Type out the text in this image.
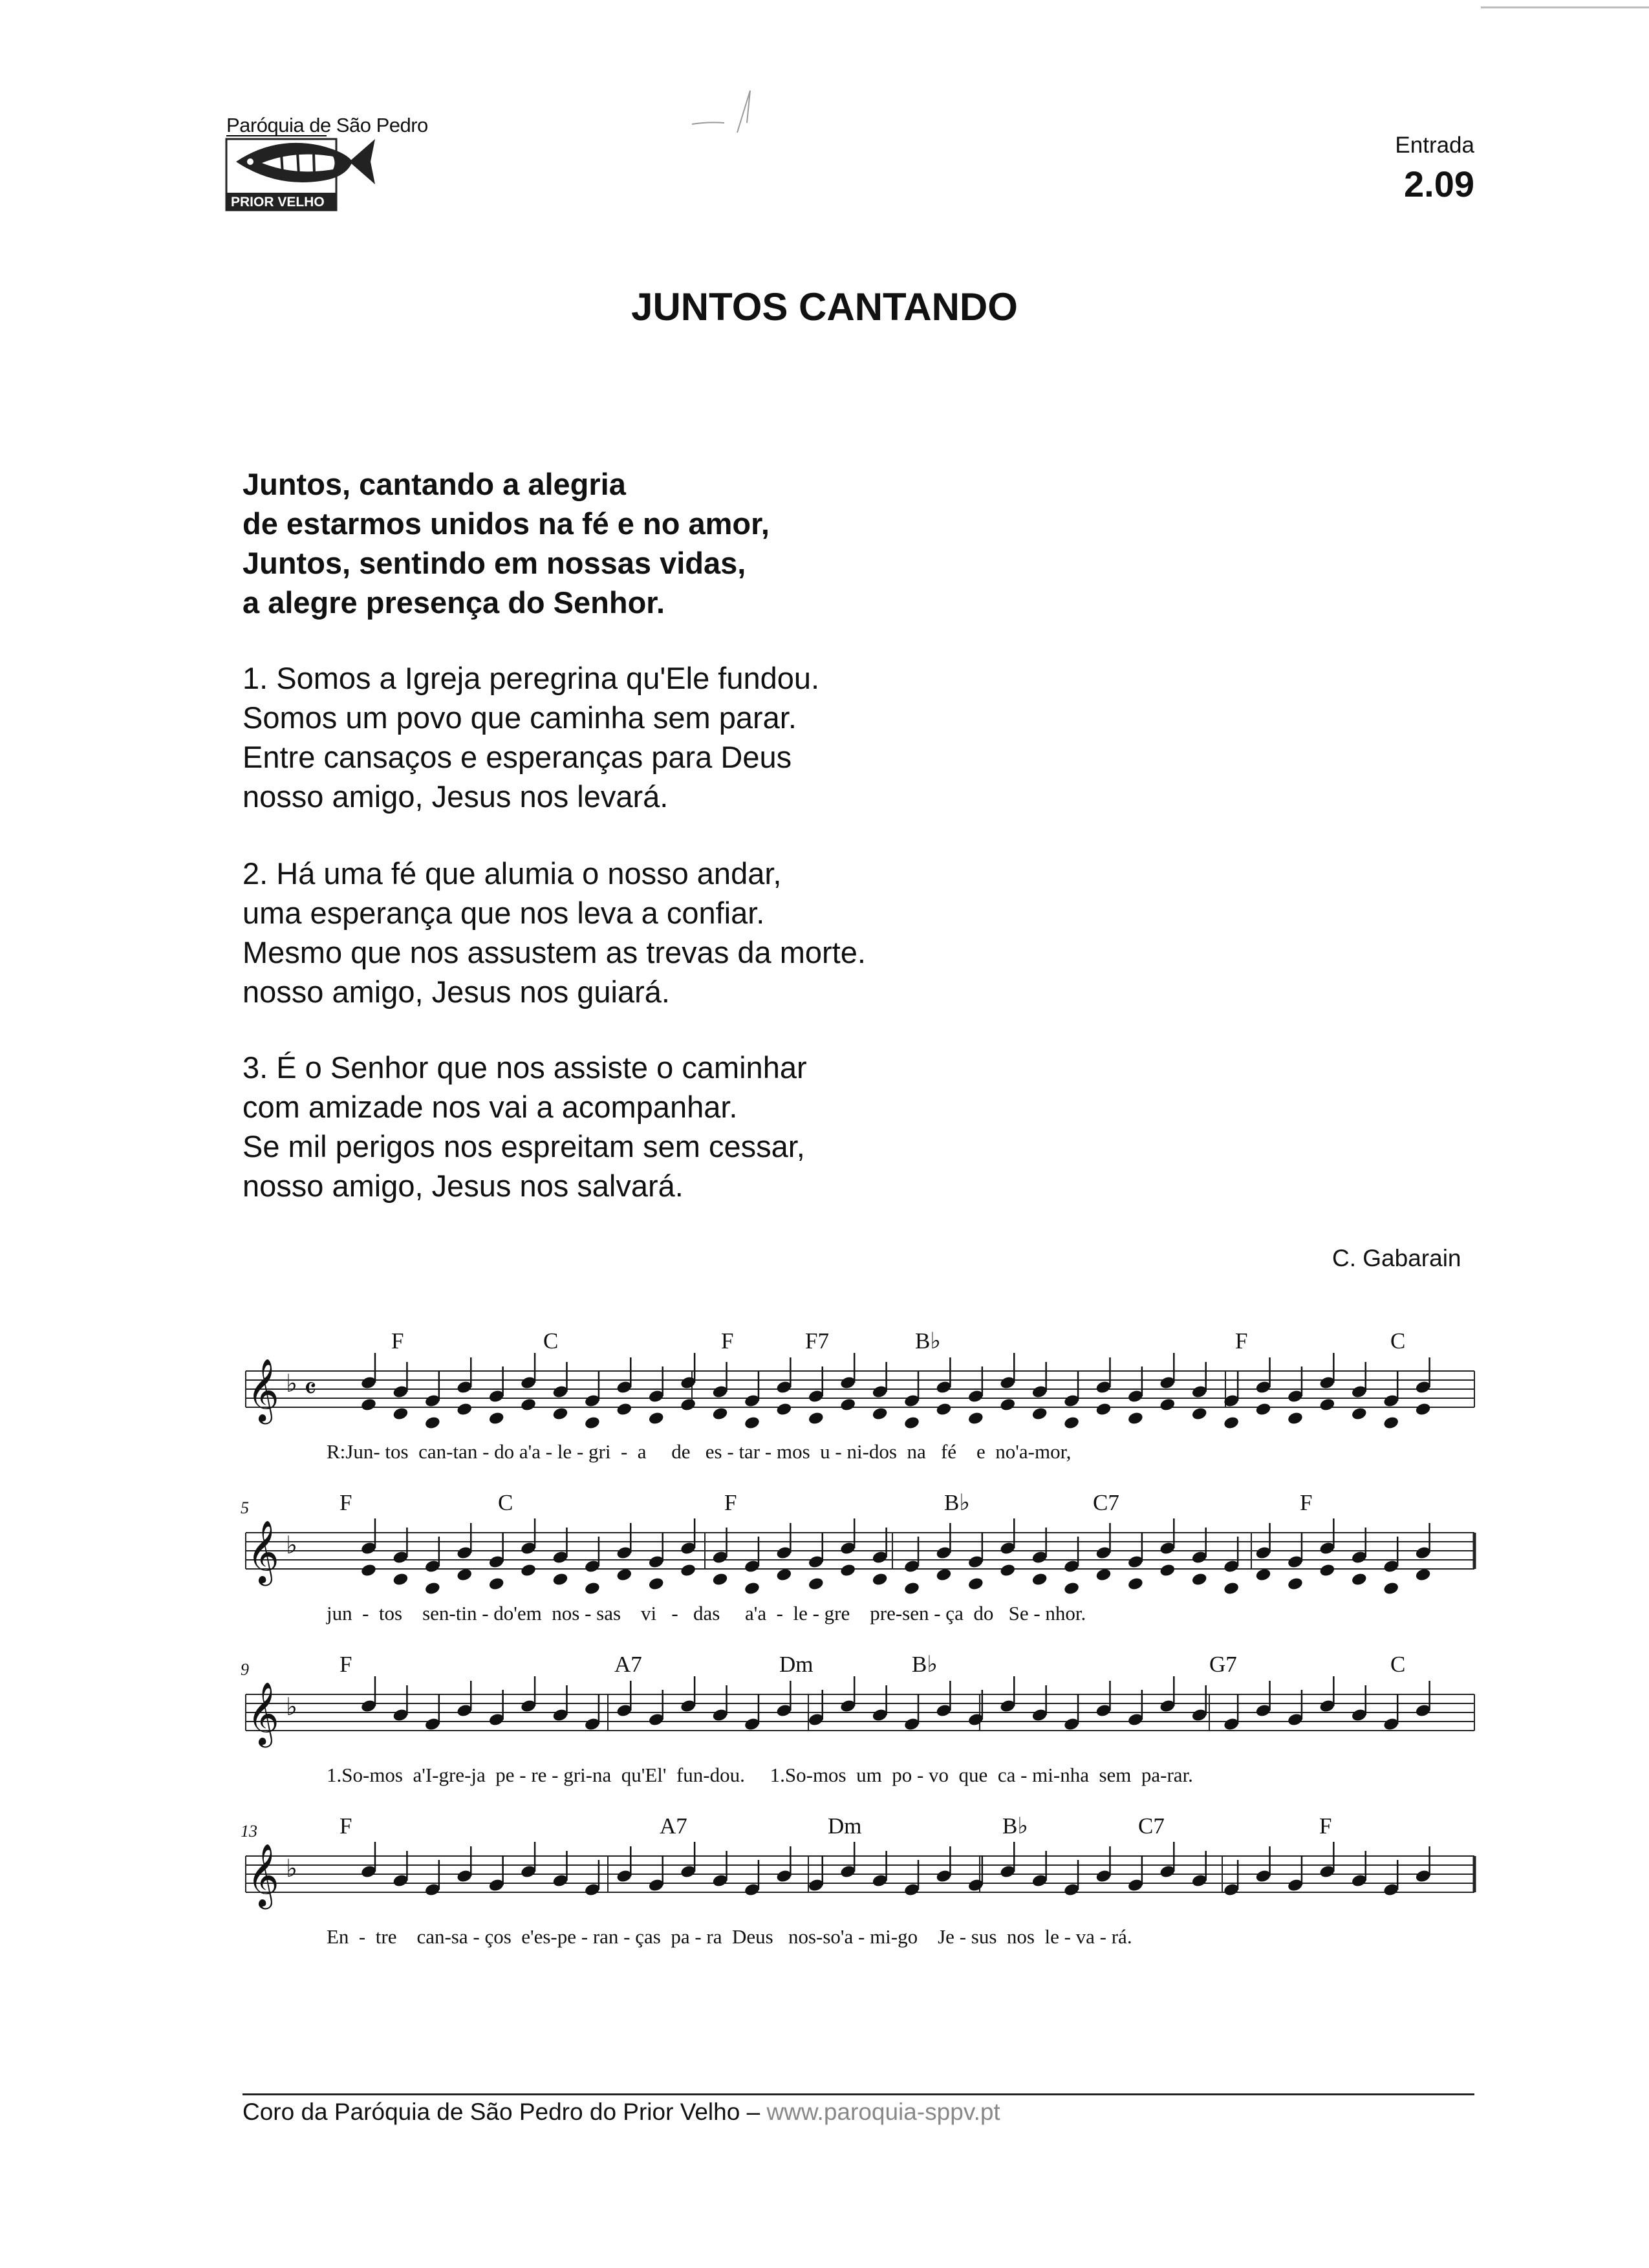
Paróquia de São Pedro
PRIOR VELHO
Entrada
2.09
JUNTOS CANTANDO
Juntos, cantando a alegria
de estarmos unidos na fé e no amor,
Juntos, sentindo em nossas vidas,
a alegre presença do Senhor.
1. Somos a Igreja peregrina qu'Ele fundou.
Somos um povo que caminha sem parar.
Entre cansaços e esperanças para Deus
nosso amigo, Jesus nos levará.
2. Há uma fé que alumia o nosso andar,
uma esperança que nos leva a confiar.
Mesmo que nos assustem as trevas da morte.
nosso amigo, Jesus nos guiará.
3. É o Senhor que nos assiste o caminhar
com amizade nos vai a acompanhar.
Se mil perigos nos espreitam sem cessar,
nosso amigo, Jesus nos salvará.
C. Gabarain
𝄞 ♭ 𝄴
F	C	F	F7	B♭	F	C
R:Jun- tos  can-tan - do a'a - le - gri  -  a     de   es - tar - mos  u - ni-dos  na   fé    e  no'a-mor,
𝄞 ♭
5	F	C	F	B♭	C7	F
jun  -  tos    sen-tin - do'em  nos - sas    vi   -   das     a'a  -  le - gre    pre-sen - ça  do   Se - nhor.
𝄞 ♭
9	F	A7	Dm	B♭	G7	C
1.So-mos  a'I-gre-ja  pe - re - gri-na  qu'El'  fun-dou.     1.So-mos  um  po - vo  que  ca - mi-nha  sem  pa-rar.
𝄞 ♭
13	F	A7	Dm	B♭	C7	F
En  -  tre    can-sa - ços  e'es-pe - ran - ças  pa - ra  Deus   nos-so'a - mi-go    Je - sus  nos  le - va - rá.
Coro da Paróquia de São Pedro do Prior Velho – www.paroquia-sppv.pt
